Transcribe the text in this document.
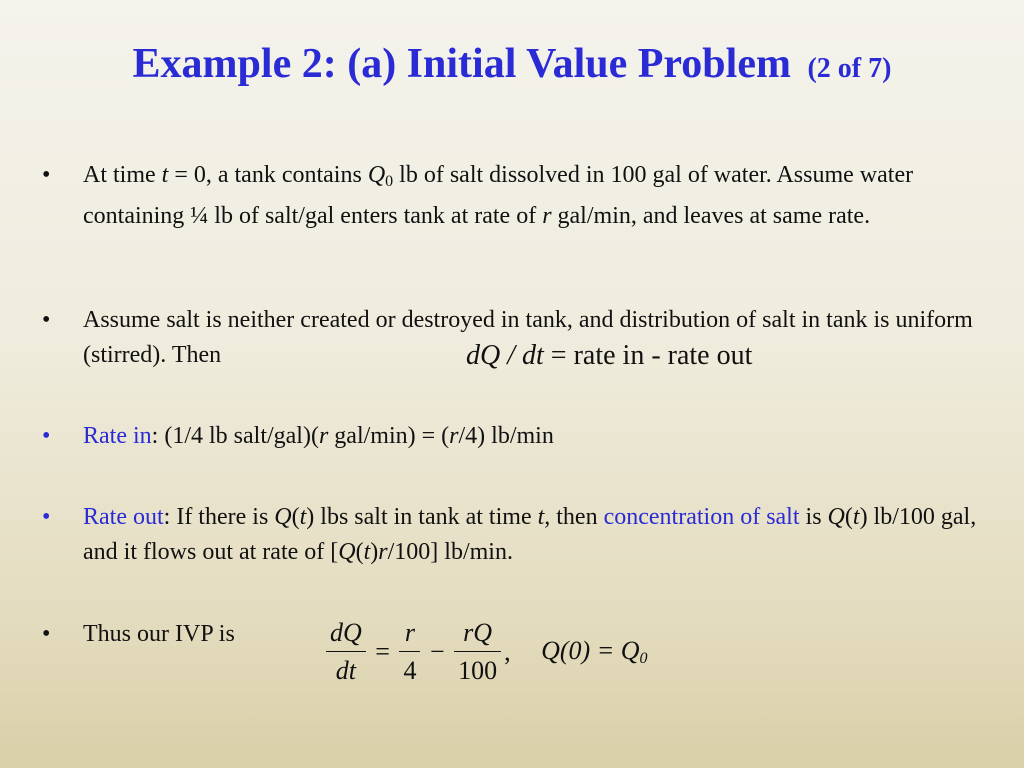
Example 2: (a) Initial Value Problem (2 of 7)
• At time t = 0, a tank contains Q0 lb of salt dissolved in 100 gal of water. Assume water containing ¼ lb of salt/gal enters tank at rate of r gal/min, and leaves at same rate.
• Assume salt is neither created or destroyed in tank, and distribution of salt in tank is uniform (stirred). Then	dQ / dt = rate in - rate out
• Rate in: (1/4 lb salt/gal)(r gal/min) = (r/4) lb/min
• Rate out: If there is Q(t) lbs salt in tank at time t, then concentration of salt is Q(t) lb/100 gal, and it flows out at rate of [Q(t)r/100] lb/min.
• Thus our IVP is	$\frac{dQ}{dt} = \frac{r}{4} - \frac{rQ}{100}$ , Q(0) = Q0
